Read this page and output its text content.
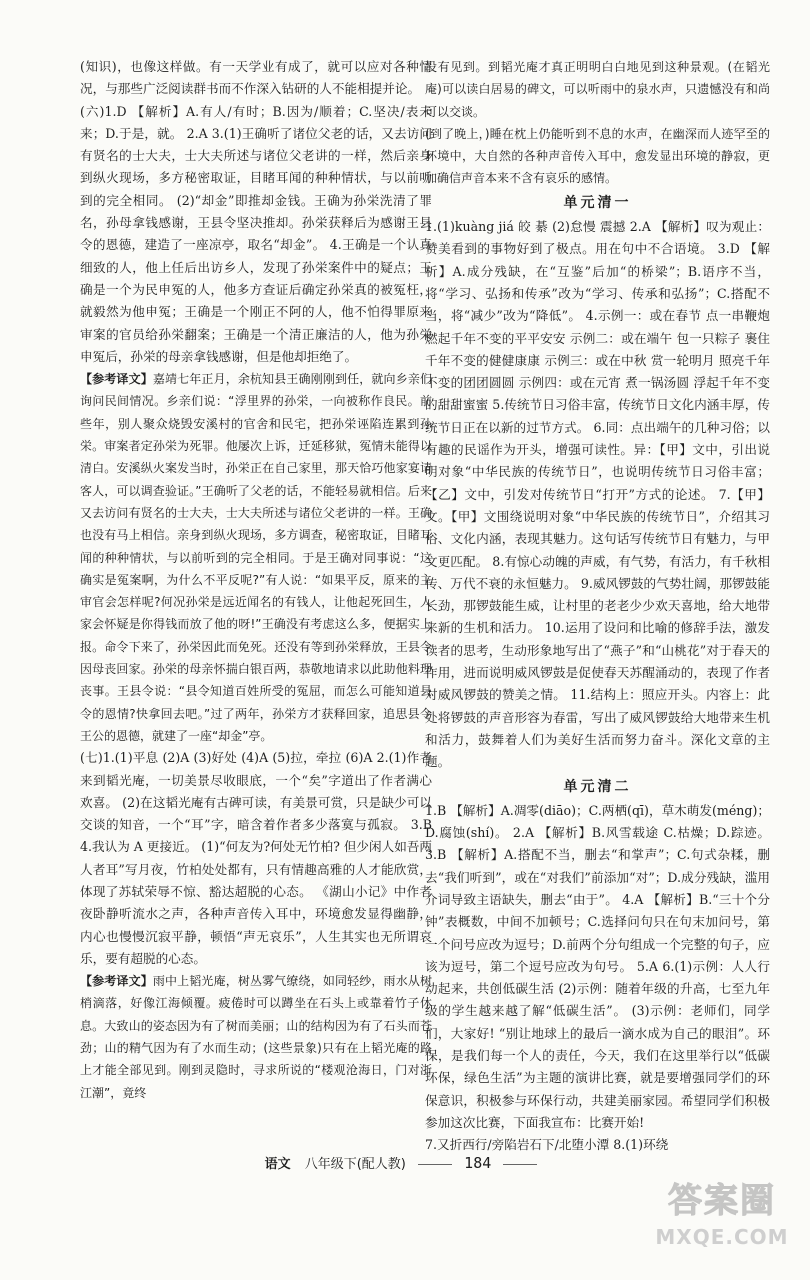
(知识)，也像这样做。有一天学业有成了，就可以应对各种情况，与那些广泛阅读群书而不作深入钻研的人不能相提并论。

(六)1.D 【解析】A.有人/有时；B.因为/顺着；C.坚决/表未来；D.于是，就。 2.A 3.(1)王确听了诸位父老的话，又去访问有贤名的士大夫，士大夫所述与诸位父老讲的一样，然后亲身到纵火现场，多方秘密取证，目睹耳闻的种种情状，与以前听到的完全相同。 (2)“却金”即推却金钱。王确为孙栄洗清了罪名，孙母拿钱感谢，王县令坚决推却。孙栄获释后为感谢王县令的恩德，建造了一座凉亭，取名“却金”。 4.王确是一个认真细致的人，他上任后出访乡人，发现了孙栄案件中的疑点；王确是一个为民申冤的人，他多方查证后确定孙栄真的被冤枉，就毅然为他申冤；王确是一个刚正不阿的人，他不怕得罪原来审案的官员给孙栄翻案；王确是一个清正廉洁的人，他为孙栄申冤后，孙栄的母亲拿钱感谢，但是他却拒绝了。

【参考译文】嘉靖七年正月，余杭知县王确刚刚到任，就向乡亲们询问民间情况。乡亲们说：“浮里界的孙栄，一向被称作良民。前些年，别人聚众烧毁安溪村的官舍和民宅，把孙栄诬陷连累到孙栄。审案者定孙栄为死罪。他屡次上诉，迁延移狱，冤情未能得以清白。安溪纵火案发当时，孙栄正在自己家里，那天恰巧他家宴请客人，可以调查验证。”王确听了父老的话，不能轻易就相信。后来又去访问有贤名的士大夫，士大夫所述与诸位父老讲的一样。王确也没有马上相信。亲身到纵火现场，多方调查，秘密取证，目睹耳闻的种种情状，与以前听到的完全相同。于是王确对同事说：“这确实是冤案啊，为什么不平反呢?”有人说：“如果平反，原来的主审官会怎样呢?何况孙栄是远近闻名的有钱人，让他起死回生，人家会怀疑是你得钱而放了他的呀!”王确没有考虑这么多，便据实上报。命令下来了，孙栄因此而免死。还没有等到孙栄释放，王县令因母丧回家。孙栄的母亲怀揣白银百两，恭敬地请求以此助他料理丧事。王县令说：“县令知道百姓所受的冤屈，而怎么可能知道县令的恩情?快拿回去吧。”过了两年，孙栄方才获释回家，追思县令王公的恩德，就建了一座“却金”亭。

(七)1.(1)平息 (2)A (3)好处 (4)A (5)拉，牵拉 (6)A 2.(1)作者来到韬光庵，一切美景尽收眼底，一个“矣”字道出了作者满心欢喜。 (2)在这韬光庵有古碑可读，有美景可赏，只是缺少可以交谈的知音，一个“耳”字，暗含着作者多少落寞与孤寂。 3.B 4.我认为 A 更接近。 (1)“何友为?何处无竹柏? 但少闲人如吾两人者耳”写月夜，竹柏处处都有，只有情趣高雅的人才能欣赏，体现了苏轼荣辱不惊、豁达超脱的心态。 《湖山小记》中作者夜卧静听流水之声，各种声音传入耳中，环境愈发显得幽静，内心也慢慢沉寂平静，顿悟“声无哀乐”，人生其实也无所谓哀乐，要有超脱的心态。

【参考译文】雨中上韬光庵，树丛雾气缭绕，如同轻纱，雨水从树梢滴落，好像江海倾覆。疲倦时可以蹲坐在石头上或靠着竹子休息。大致山的姿态因为有了树而美丽；山的结构因为有了石头而苍劲；山的精气因为有了水而生动；(这些景象)只有在上韬光庵的路上才能全部见到。刚到灵隐时，寻求所说的“楼观沧海日，门对浙江潮”，竟终

没有见到。到韬光庵才真正明明白白地见到这种景观。(在韬光庵)可以读白居易的碑文，可以听雨中的泉水声，只遗憾没有和尚可以交谈。

(到了晚上，)睡在枕上仍能听到不息的水声，在幽深而人迹罕至的环境中，大自然的各种声音传入耳中，愈发显出环境的静寂，更加确信声音本来不含有哀乐的感情。

单元清一

1.(1)kuàng jiá 皎 綦 (2)怠慢 震撼 2.A 【解析】叹为观止：赞美看到的事物好到了极点。用在句中不合语境。 3.D 【解析】A.成分残缺，在“互鉴”后加“的桥梁”；B.语序不当，将“学习、弘扬和传承”改为“学习、传承和弘扬”；C.搭配不当，将“减少”改为“降低”。 4.示例一：或在春节 点一串鞭炮 燃起千年不变的平平安安 示例二：或在端午 包一只粽子 裹住千年不变的健健康康 示例三：或在中秋 赏一轮明月 照亮千年不变的团团圆圆 示例四：或在元宵 煮一锅汤圆 浮起千年不变的甜甜蜜蜜 5.传统节日习俗丰富，传统节日文化内涵丰厚，传统节日正在以新的过节方式。 6.同：点出端午的几种习俗；以有趣的民谣作为开头，增强可读性。异：【甲】文中，引出说明对象“中华民族的传统节日”，也说明传统节日习俗丰富；【乙】文中，引发对传统节日“打开”方式的论述。 7.【甲】文。【甲】文围绕说明对象“中华民族的传统节日”，介绍其习俗、文化内涵，表现其魅力。这句话写传统节日有魅力，与甲文更匹配。 8.有惊心动魄的声威，有气势，有活力，有千秋相传、万代不衰的永恒魅力。 9.威风锣鼓的气势壮阔，那锣鼓能长劲，那锣鼓能生威，让村里的老老少少欢天喜地，给大地带来新的生机和活力。 10.运用了设问和比喻的修辞手法，激发读者的思考，生动形象地写出了“燕子”和“山桃花”对于春天的作用，进而说明威风锣鼓是促使春天苏醒涌动的，表现了作者对威风锣鼓的赞美之情。 11.结构上：照应开头。内容上：此处将锣鼓的声音形容为春雷，写出了威风锣鼓给大地带来生机和活力，鼓舞着人们为美好生活而努力奋斗。深化文章的主题。

单元清二

1.B 【解析】A.凋零(diāo)；C.两栖(qī)，草木萌发(méng)；D.腐蚀(shí)。 2.A 【解析】B.风雪载途 C.枯燥；D.踪迹。 3.B 【解析】A.搭配不当，删去“和掌声”；C.句式杂糅，删去“我们听到”，或在“对我们”前添加“对”；D.成分残缺，滥用介词导致主语缺失，删去“由于”。 4.A 【解析】B.“三十个分钟”表概数，中间不加顿号；C.选择问句只在句末加问号，第一个问号应改为逗号；D.前两个分句组成一个完整的句子，应该为逗号，第二个逗号应改为句号。 5.A 6.(1)示例：人人行动起来，共创低碳生活 (2)示例：随着年级的升高，七至九年级的学生越来越了解“低碳生活”。 (3)示例：老师们，同学们，大家好! “别让地球上的最后一滴水成为自己的眼泪”。环保，是我们每一个人的责任，今天，我们在这里举行以“低碳环保，绿色生活”为主题的演讲比赛，就是要增强同学们的环保意识，积极参与环保行动，共建美丽家园。希望同学们积极参加这次比赛，下面我宣布：比赛开始!

7.又折西行/旁陷岩石下/北堕小潭 8.(1)环绕

语文 八年级下(配人教)	184
答案圈
MXQE.COM
